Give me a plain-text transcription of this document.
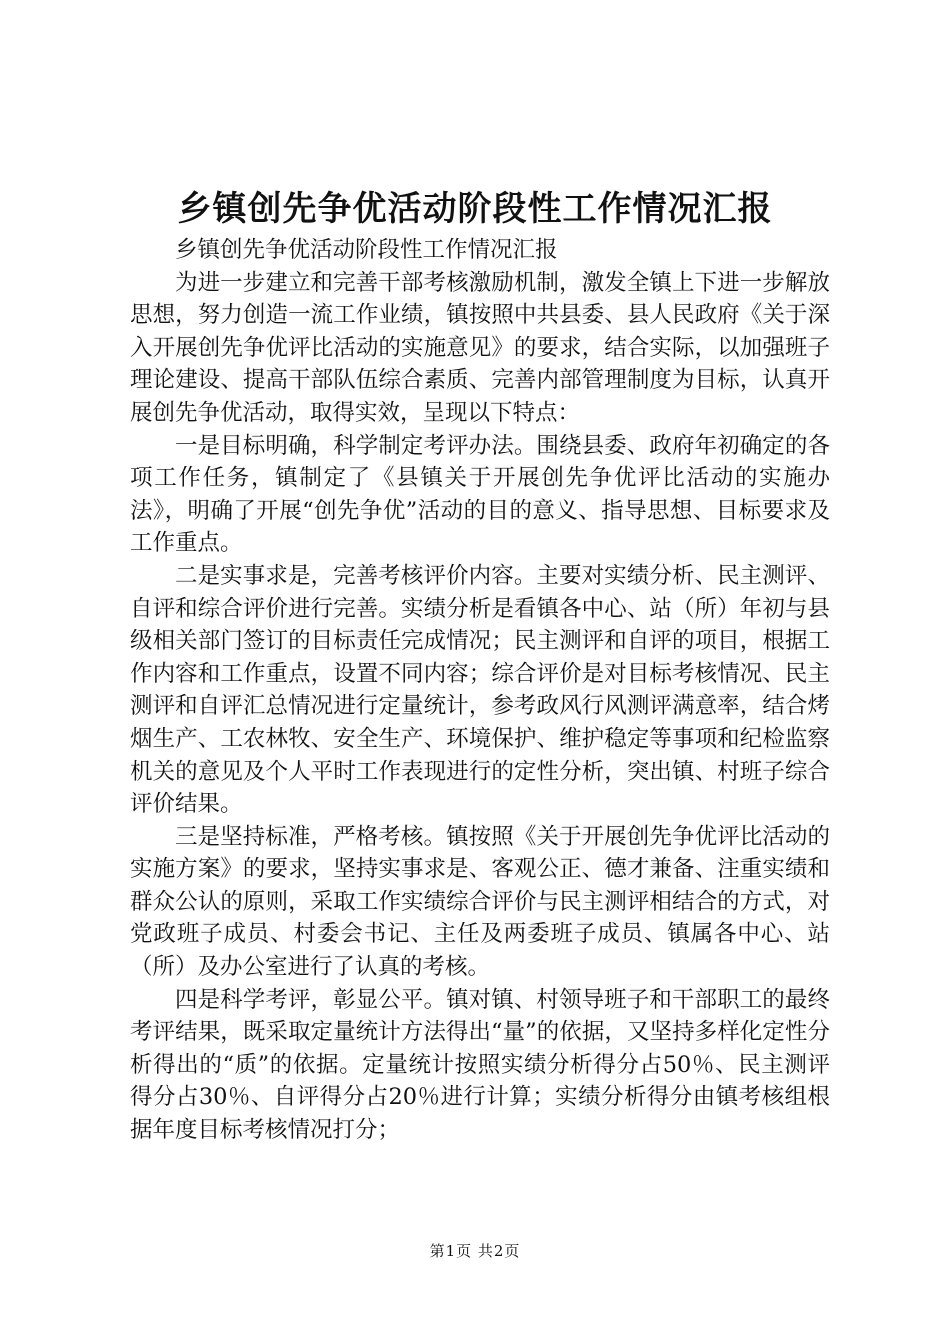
乡镇创先争优活动阶段性工作情况汇报

乡镇创先争优活动阶段性工作情况汇报

为进一步建立和完善干部考核激励机制，激发全镇上下进一步解放思想，努力创造一流工作业绩，镇按照中共县委、县人民政府《关于深入开展创先争优评比活动的实施意见》的要求，结合实际，以加强班子理论建设、提高干部队伍综合素质、完善内部管理制度为目标，认真开展创先争优活动，取得实效，呈现以下特点：

一是目标明确，科学制定考评办法。围绕县委、政府年初确定的各项工作任务，镇制定了《县镇关于开展创先争优评比活动的实施办法》，明确了开展“创先争优”活动的目的意义、指导思想、目标要求及工作重点。

二是实事求是，完善考核评价内容。主要对实绩分析、民主测评、自评和综合评价进行完善。实绩分析是看镇各中心、站（所）年初与县级相关部门签订的目标责任完成情况；民主测评和自评的项目，根据工作内容和工作重点，设置不同内容；综合评价是对目标考核情况、民主测评和自评汇总情况进行定量统计，参考政风行风测评满意率，结合烤烟生产、工农林牧、安全生产、环境保护、维护稳定等事项和纪检监察机关的意见及个人平时工作表现进行的定性分析，突出镇、村班子综合评价结果。

三是坚持标准，严格考核。镇按照《关于开展创先争优评比活动的实施方案》的要求，坚持实事求是、客观公正、德才兼备、注重实绩和群众公认的原则，采取工作实绩综合评价与民主测评相结合的方式，对党政班子成员、村委会书记、主任及两委班子成员、镇属各中心、站（所）及办公室进行了认真的考核。

四是科学考评，彰显公平。镇对镇、村领导班子和干部职工的最终考评结果，既采取定量统计方法得出“量”的依据，又坚持多样化定性分析得出的“质”的依据。定量统计按照实绩分析得分占50％、民主测评得分占30％、自评得分占20％进行计算；实绩分析得分由镇考核组根据年度目标考核情况打分；

第1页 共2页
